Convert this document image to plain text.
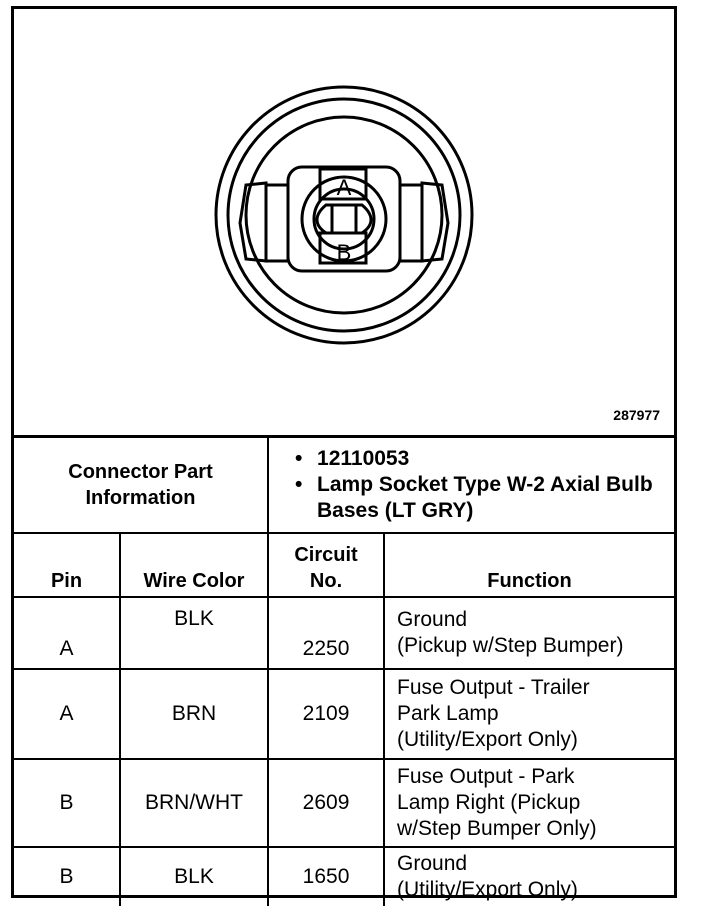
A
B
287977
Connector Part Information		• 12110053
• Lamp Socket Type W-2 Axial Bulb Bases (LT GRY)

Pin	Wire Color	Circuit No.	Function
A	BLK	2250	Ground
(Pickup w/Step Bumper)

A	BRN	2109	Fuse Output - Trailer
Park Lamp
(Utility/Export Only)

B	BRN/WHT	2609	Fuse Output - Park
Lamp Right (Pickup
w/Step Bumper Only)

B	BLK	1650	Ground
(Utility/Export Only)
